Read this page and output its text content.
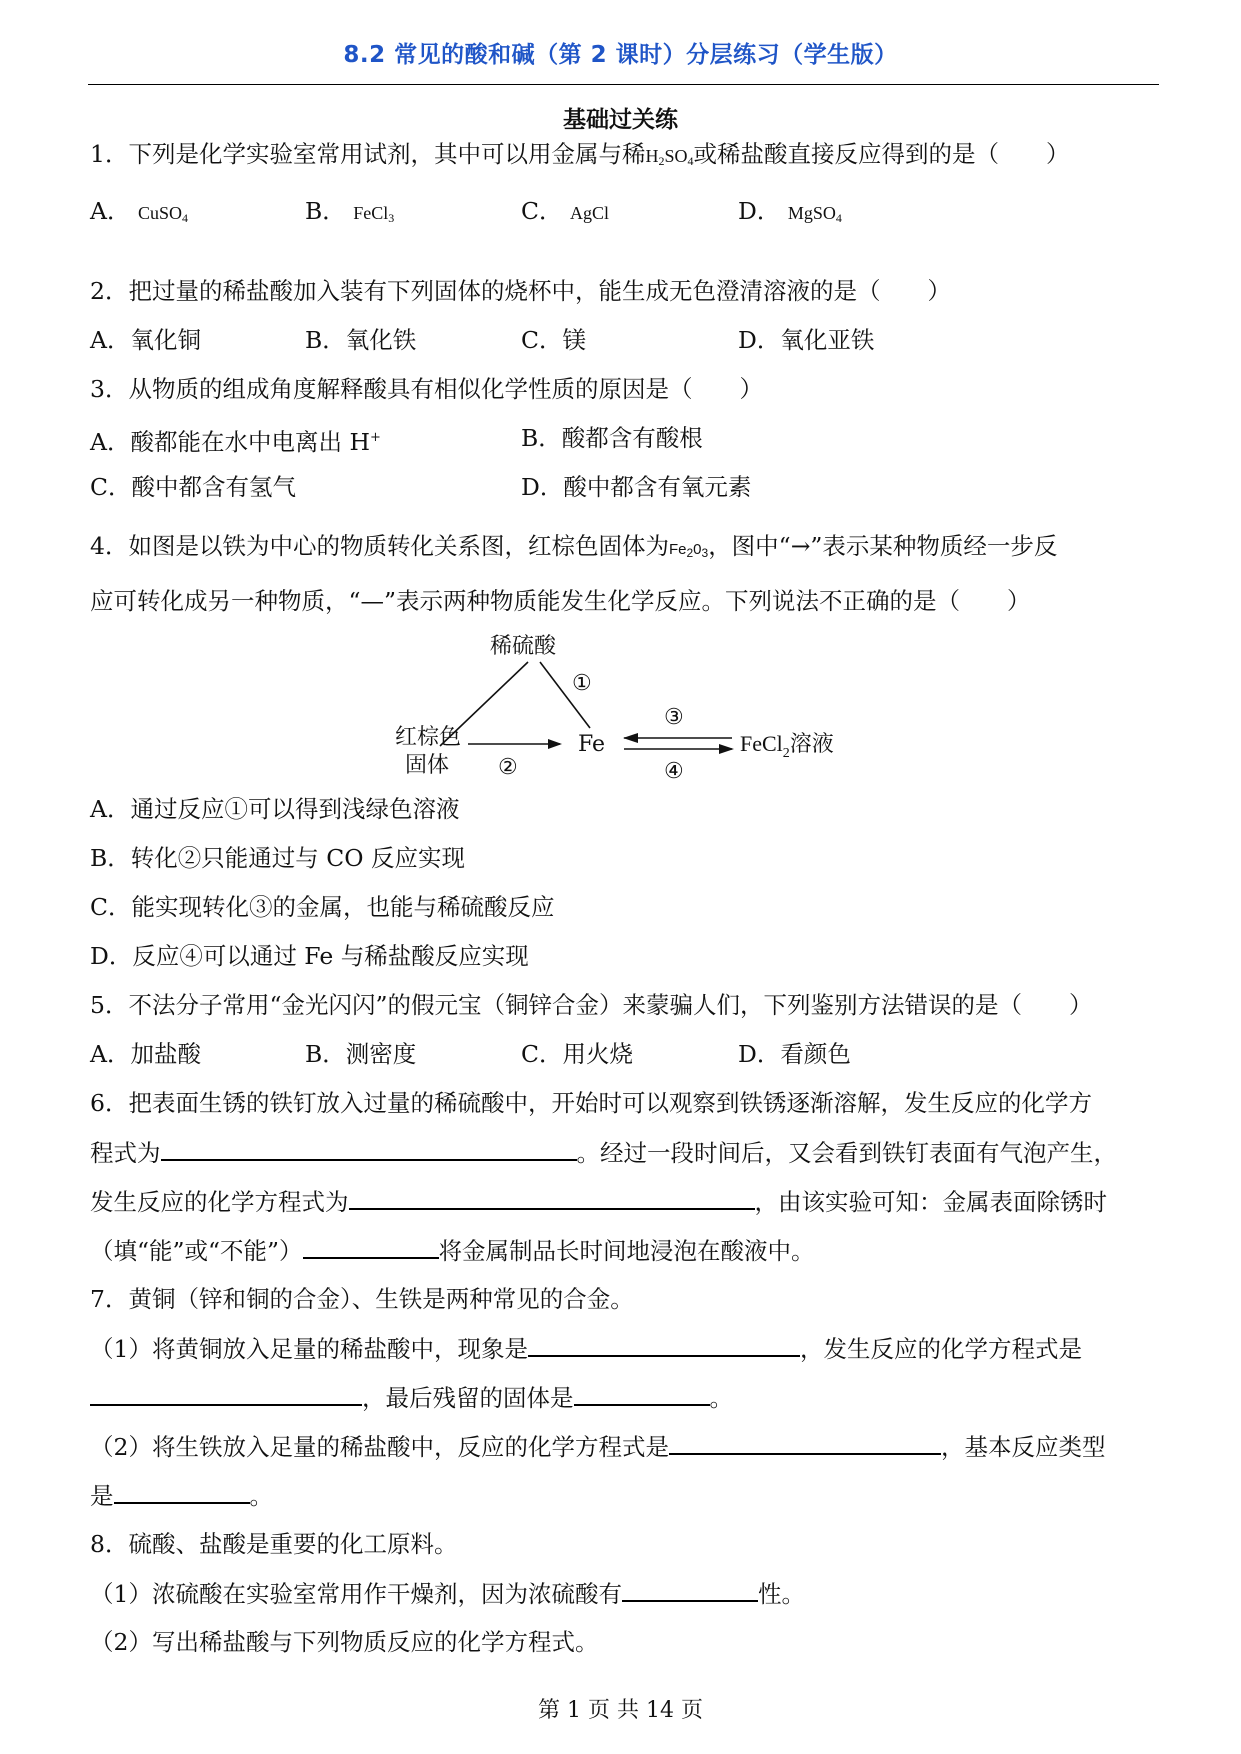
8.2 常见的酸和碱（第 2 课时）分层练习（学生版）
基础过关练
1．下列是化学实验室常用试剂，其中可以用金属与稀$H_2SO_4$或稀盐酸直接反应得到的是（　　）
A． CuSO$_4$	B． FeCl$_3$	C． AgCl	D． MgSO$_4$
2．把过量的稀盐酸加入装有下列固体的烧杯中，能生成无色澄清溶液的是（　　）
A．氧化铜	B．氧化铁	C．镁	D．氧化亚铁
3．从物质的组成角度解释酸具有相似化学性质的原因是（　　）
A．酸都能在水中电离出 H+	B．酸都含有酸根
C．酸中都含有氢气	D．酸中都含有氧元素
4．如图是以铁为中心的物质转化关系图，红棕色固体为$Fe_20_3$，图中“→”表示某种物质经一步反
应可转化成另一种物质，“—”表示两种物质能发生化学反应。下列说法不正确的是（　　）
稀硫酸
①
红棕色
固体 ②
Fe
③
④
FeCl$_2$溶液
A．通过反应①可以得到浅绿色溶液
B．转化②只能通过与 CO 反应实现
C．能实现转化③的金属，也能与稀硫酸反应
D．反应④可以通过 Fe 与稀盐酸反应实现
5．不法分子常用“金光闪闪”的假元宝（铜锌合金）来蒙骗人们，下列鉴别方法错误的是（　　）
A．加盐酸	B．测密度	C．用火烧	D．看颜色
6．把表面生锈的铁钉放入过量的稀硫酸中，开始时可以观察到铁锈逐渐溶解，发生反应的化学方
程式为	。经过一段时间后，又会看到铁钉表面有气泡产生，
发生反应的化学方程式为	，由该实验可知：金属表面除锈时
（填“能”或“不能”）	将金属制品长时间地浸泡在酸液中。
7．黄铜（锌和铜的合金）、生铁是两种常见的合金。
（1）将黄铜放入足量的稀盐酸中，现象是	，发生反应的化学方程式是
，最后残留的固体是	。
（2）将生铁放入足量的稀盐酸中，反应的化学方程式是	，基本反应类型
是	。
8．硫酸、盐酸是重要的化工原料。
（1）浓硫酸在实验室常用作干燥剂，因为浓硫酸有	性。
（2）写出稀盐酸与下列物质反应的化学方程式。
第 1 页 共 14 页
